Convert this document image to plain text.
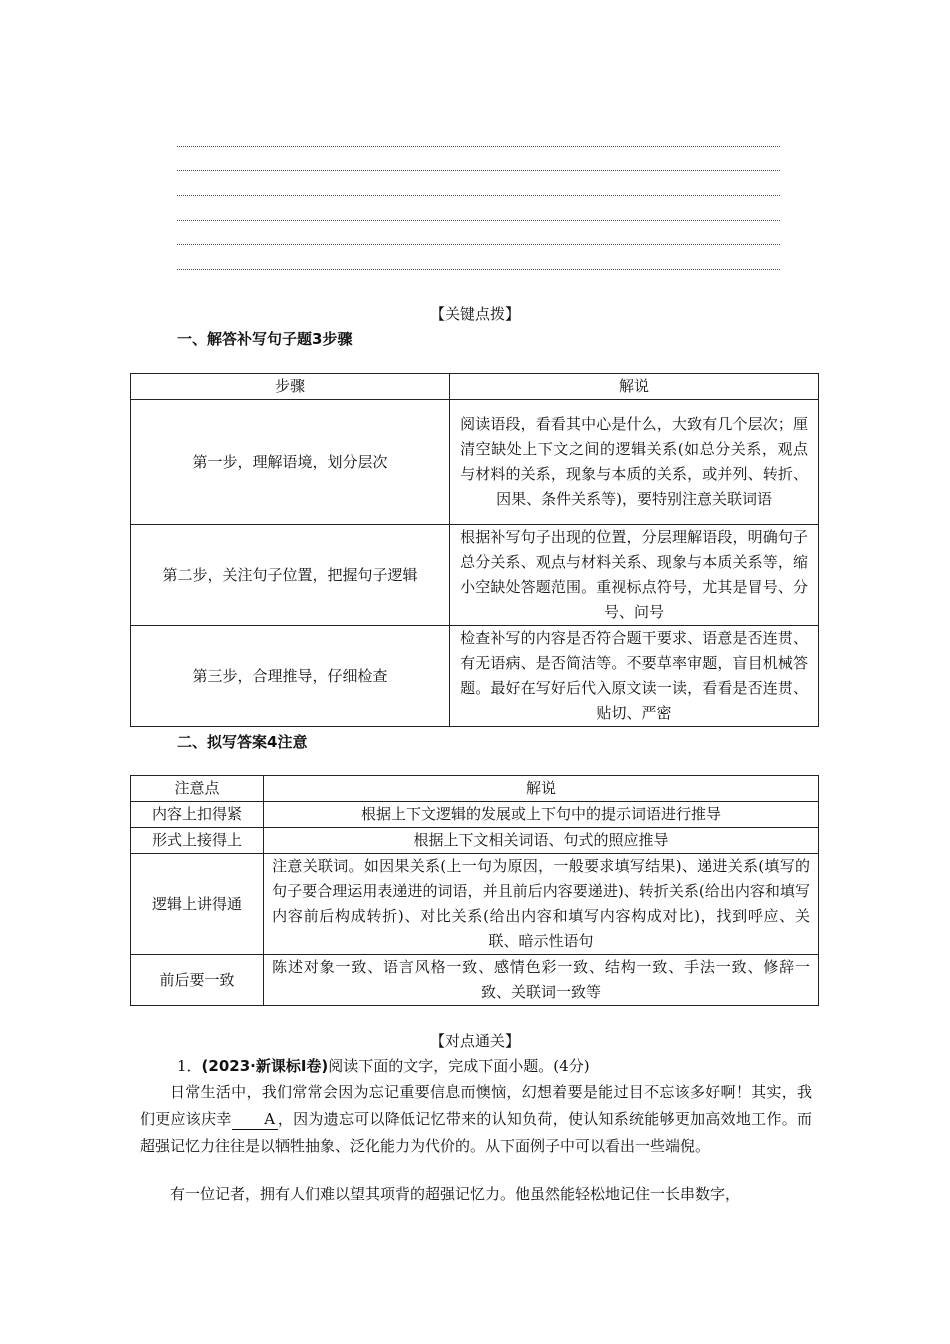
【关键点拨】
一、解答补写句子题3步骤
步骤	解说
第一步，理解语境，划分层次	阅读语段，看看其中心是什么，大致有几个层次；厘清空缺处上下文之间的逻辑关系(如总分关系，观点与材料的关系，现象与本质的关系，或并列、转折、因果、条件关系等)，要特别注意关联词语
第二步，关注句子位置，把握句子逻辑	根据补写句子出现的位置，分层理解语段，明确句子总分关系、观点与材料关系、现象与本质关系等，缩小空缺处答题范围。重视标点符号，尤其是冒号、分号、问号
第三步，合理推导，仔细检查	检查补写的内容是否符合题干要求、语意是否连贯、有无语病、是否简洁等。不要草率审题，盲目机械答题。最好在写好后代入原文读一读，看看是否连贯、贴切、严密
二、拟写答案4注意
注意点	解说
内容上扣得紧	根据上下文逻辑的发展或上下句中的提示词语进行推导
形式上接得上	根据上下文相关词语、句式的照应推导
逻辑上讲得通	注意关联词。如因果关系(上一句为原因，一般要求填写结果)、递进关系(填写的句子要合理运用表递进的词语，并且前后内容要递进)、转折关系(给出内容和填写内容前后构成转折)、对比关系(给出内容和填写内容构成对比)，找到呼应、关联、暗示性语句
前后要一致	陈述对象一致、语言风格一致、感情色彩一致、结构一致、手法一致、修辞一致、关联词一致等
【对点通关】
1．(2023·新课标Ⅰ卷)阅读下面的文字，完成下面小题。(4分)
日常生活中，我们常常会因为忘记重要信息而懊恼，幻想着要是能过目不忘该多好啊！其实，我们更应该庆幸 A ，因为遗忘可以降低记忆带来的认知负荷，使认知系统能够更加高效地工作。而超强记忆力往往是以牺牲抽象、泛化能力为代价的。从下面例子中可以看出一些端倪。
有一位记者，拥有人们难以望其项背的超强记忆力。他虽然能轻松地记住一长串数字，
